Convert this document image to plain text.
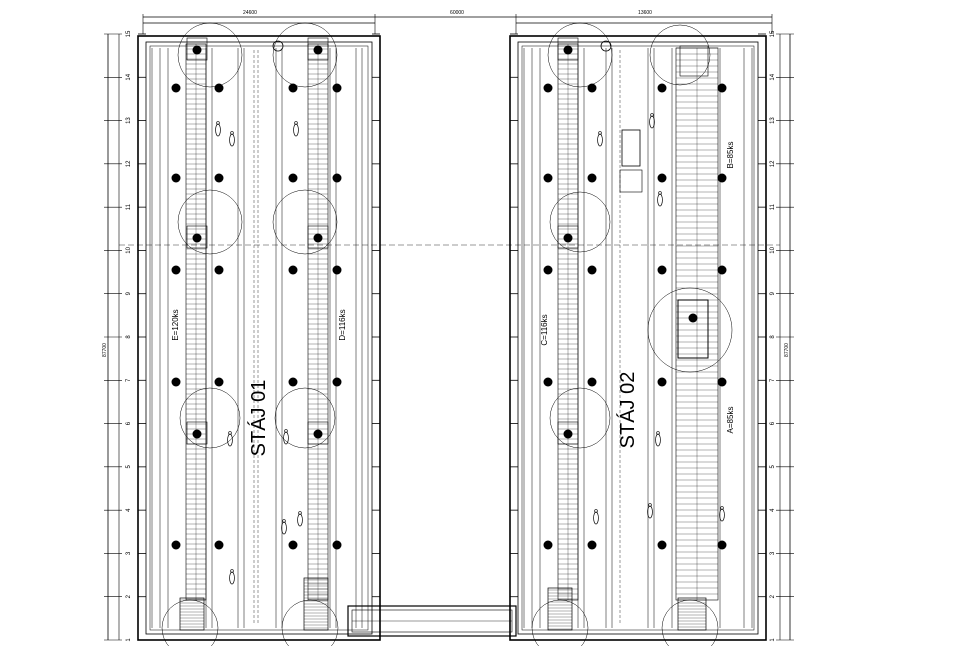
60000
24600	13600
87700	87700
1
2
3
4
5
6
7
8
9
10
11
12
13
14
15
1
2
3
4
5
6
7
8
9
10
11
12
13
14
15
E=120ks	D=116ks	C=116ks
B=85ks
A=85ks
STÁJ 01	STÁJ 02
